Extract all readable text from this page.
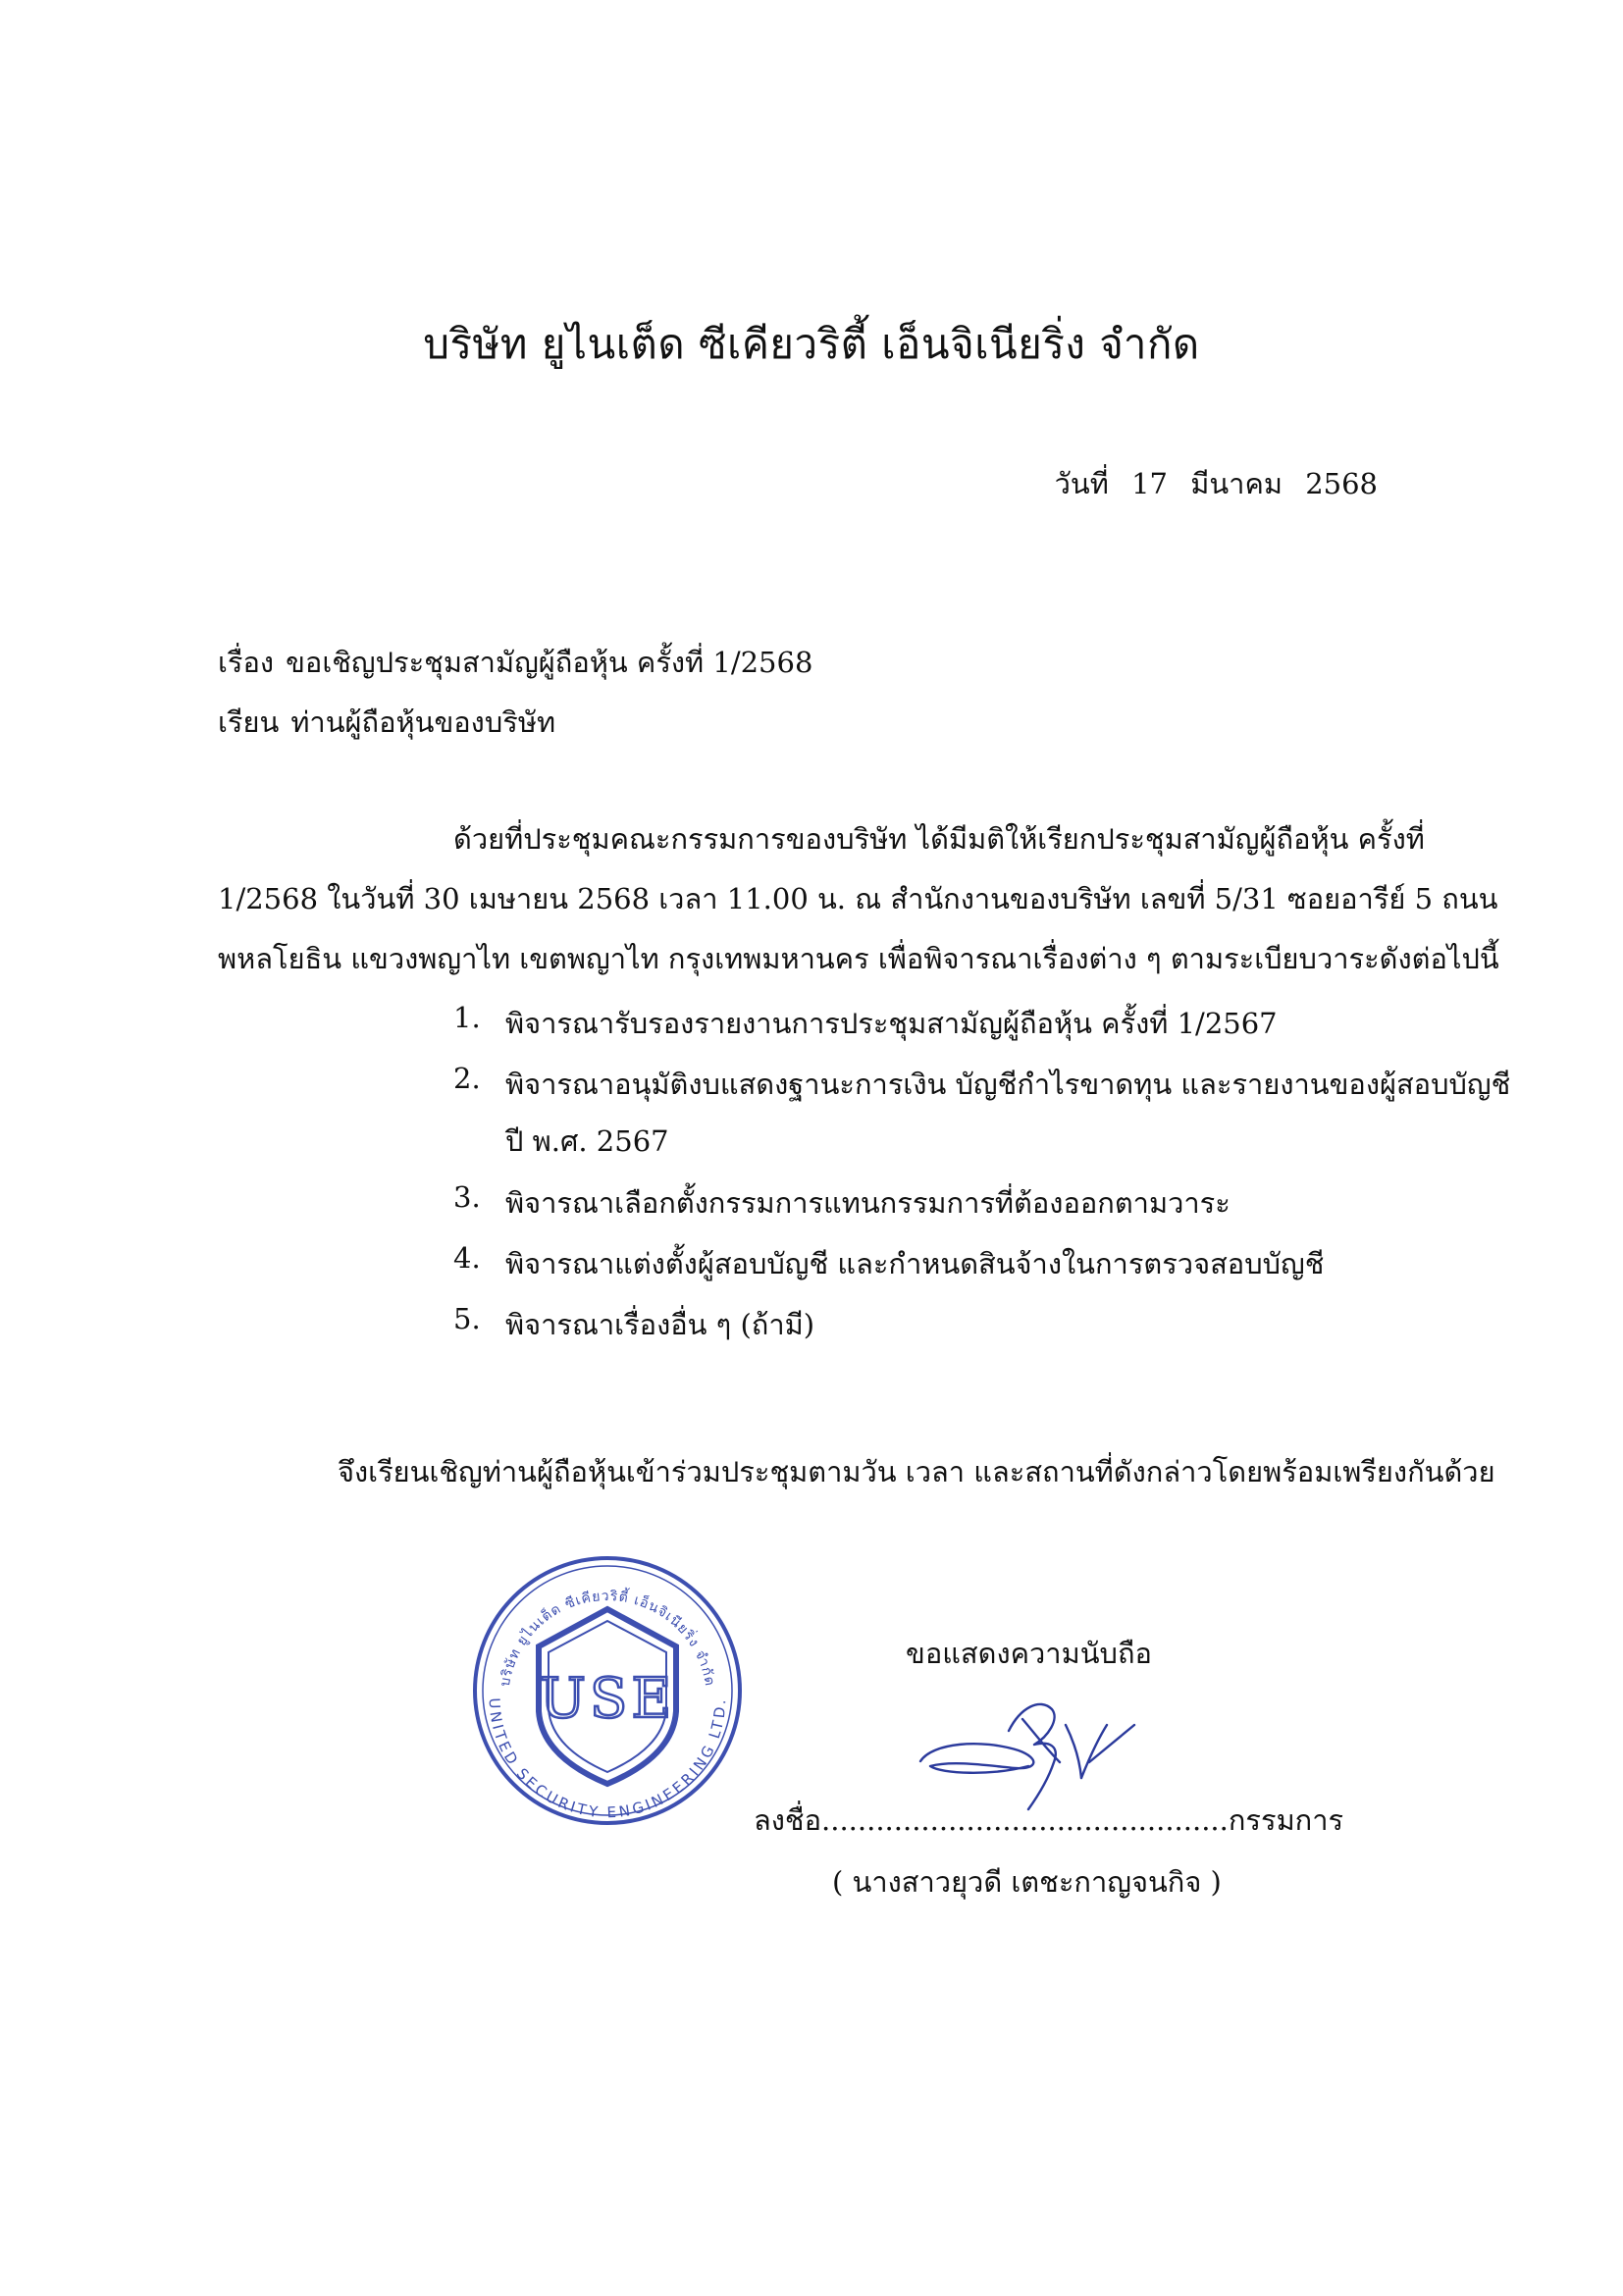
บริษัท ยูไนเต็ด ซีเคียวริตี้ เอ็นจิเนียริ่ง จำกัด
วันที่ 17 มีนาคม 2568
เรื่อง ขอเชิญประชุมสามัญผู้ถือหุ้น ครั้งที่ 1/2568
เรียน ท่านผู้ถือหุ้นของบริษัท
ด้วยที่ประชุมคณะกรรมการของบริษัท ได้มีมติให้เรียกประชุมสามัญผู้ถือหุ้น ครั้งที่
1/2568 ในวันที่ 30 เมษายน 2568 เวลา 11.00 น. ณ สำนักงานของบริษัท เลขที่ 5/31 ซอยอารีย์ 5 ถนน
พหลโยธิน แขวงพญาไท เขตพญาไท กรุงเทพมหานคร เพื่อพิจารณาเรื่องต่าง ๆ ตามระเบียบวาระดังต่อไปนี้
1. พิจารณารับรองรายงานการประชุมสามัญผู้ถือหุ้น ครั้งที่ 1/2567
2. พิจารณาอนุมัติงบแสดงฐานะการเงิน บัญชีกำไรขาดทุน และรายงานของผู้สอบบัญชี
ปี พ.ศ. 2567
3. พิจารณาเลือกตั้งกรรมการแทนกรรมการที่ต้องออกตามวาระ
4. พิจารณาแต่งตั้งผู้สอบบัญชี และกำหนดสินจ้างในการตรวจสอบบัญชี
5. พิจารณาเรื่องอื่น ๆ (ถ้ามี)
จึงเรียนเชิญท่านผู้ถือหุ้นเข้าร่วมประชุมตามวัน เวลา และสถานที่ดังกล่าวโดยพร้อมเพรียงกันด้วย
ขอแสดงความนับถือ
บริษัท ยูไนเต็ด ซีเคียวริตี้ เอ็นจิเนียริ่ง จำกัด
UNITED SECURITY ENGINEERING LTD.
USE
ลงชื่อ.............................................กรรมการ
( นางสาวยุวดี เตชะกาญจนกิจ )
